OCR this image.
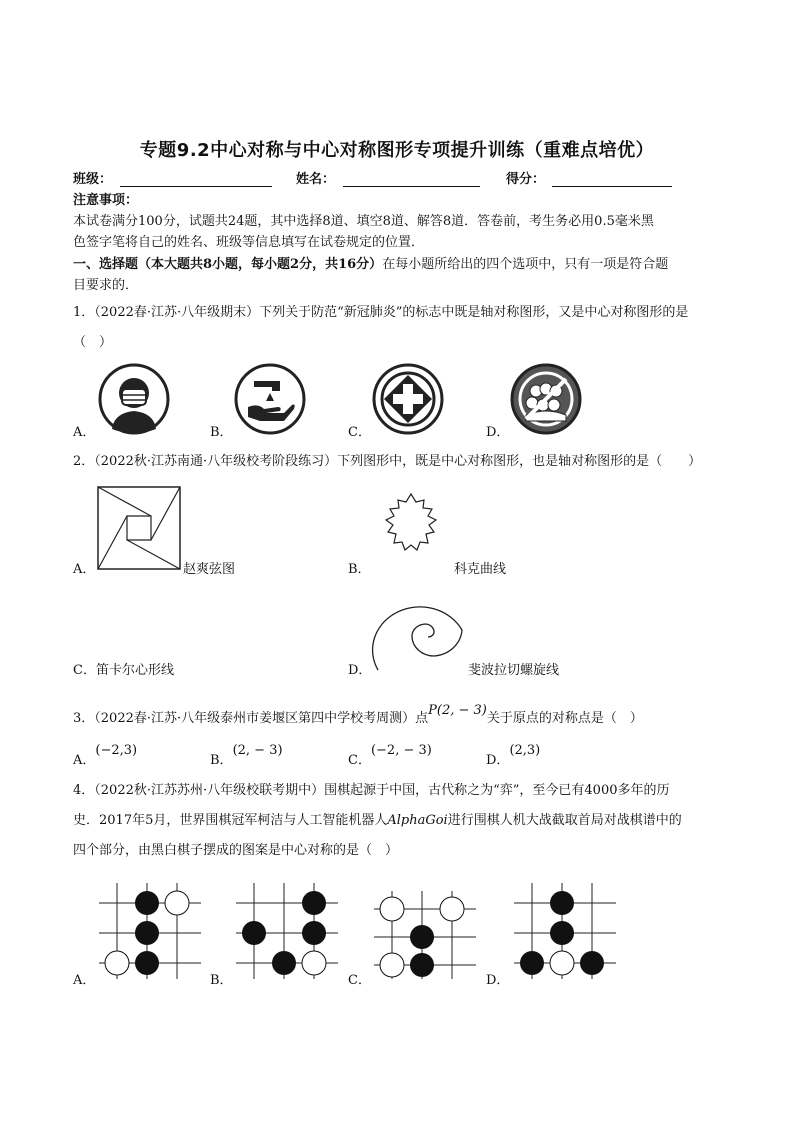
专题9.2中心对称与中心对称图形专项提升训练（重难点培优）
班级：	姓名：	得分：
注意事项：
本试卷满分100分，试题共24题，其中选择8道、填空8道、解答8道．答卷前，考生务必用0.5毫米黑
色签字笔将自己的姓名、班级等信息填写在试卷规定的位置．
一、选择题（本大题共8小题，每小题2分，共16分）在每小题所给出的四个选项中，只有一项是符合题
目要求的．
1．（2022春·江苏·八年级期末）下列关于防范“新冠肺炎”的标志中既是轴对称图形，又是中心对称图形的是
（　）
A．	B．	C．	D．
2．（2022秋·江苏南通·八年级校考阶段练习）下列图形中，既是中心对称图形，也是轴对称图形的是（　　）
A．	赵爽弦图	B．	科克曲线
C．笛卡尔心形线	D．	斐波拉切螺旋线
3．（2022春·江苏·八年级泰州市姜堰区第四中学校考周测）点P(2, − 3)关于原点的对称点是（　）
A．(−2,3)
B．(2, − 3)
C．(−2, − 3)
D．(2,3)
4．（2022秋·江苏苏州·八年级校联考期中）围棋起源于中国，古代称之为“弈”，至今已有4000多年的历
史．2017年5月，世界围棋冠军柯洁与人工智能机器人AlphaGoi进行围棋人机大战截取首局对战棋谱中的
四个部分，由黑白棋子摆成的图案是中心对称的是（　）
A．	B．	C．	D．
